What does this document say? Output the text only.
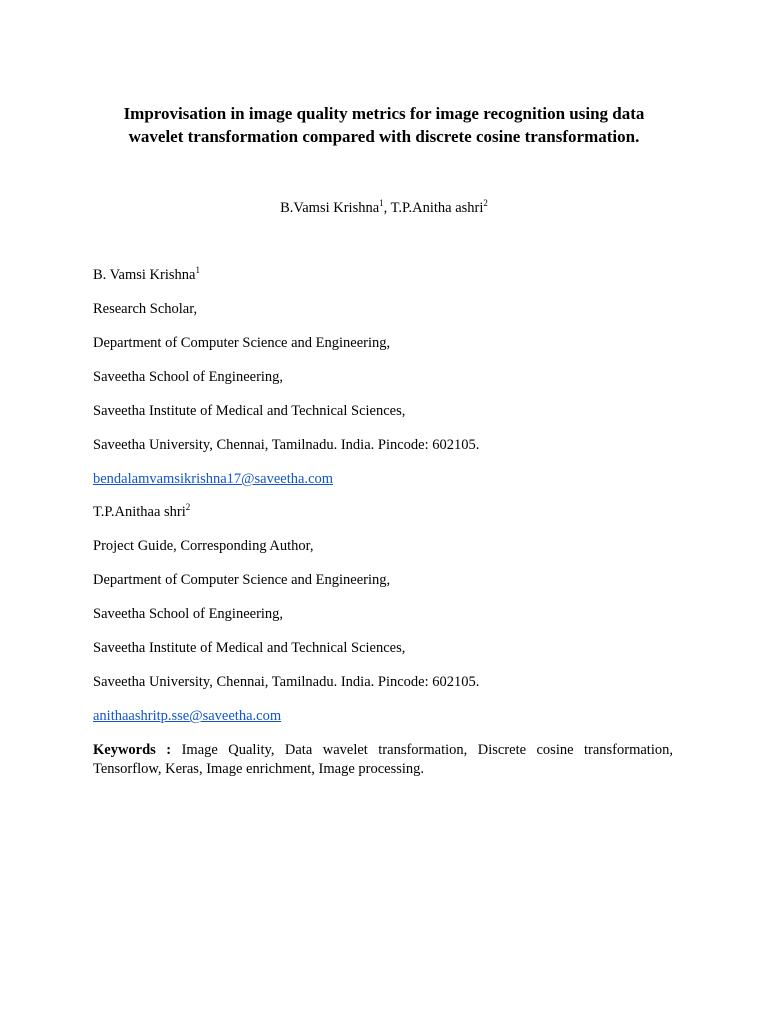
Improvisation in image quality metrics for image recognition using data
wavelet transformation compared with discrete cosine transformation.
B.Vamsi Krishna$^1$, T.P.Anitha ashri$^2$
B. Vamsi Krishna$^1$
Research Scholar,
Department of Computer Science and Engineering,
Saveetha School of Engineering,
Saveetha Institute of Medical and Technical Sciences,
Saveetha University, Chennai, Tamilnadu. India. Pincode: 602105.
bendalamvamsikrishna17@saveetha.com
T.P.Anithaa shri$^2$
Project Guide, Corresponding Author,
Department of Computer Science and Engineering,
Saveetha School of Engineering,
Saveetha Institute of Medical and Technical Sciences,
Saveetha University, Chennai, Tamilnadu. India. Pincode: 602105.
anithaashritp.sse@saveetha.com
Keywords : Image Quality, Data wavelet transformation, Discrete cosine transformation, Tensorflow, Keras, Image enrichment, Image processing.
